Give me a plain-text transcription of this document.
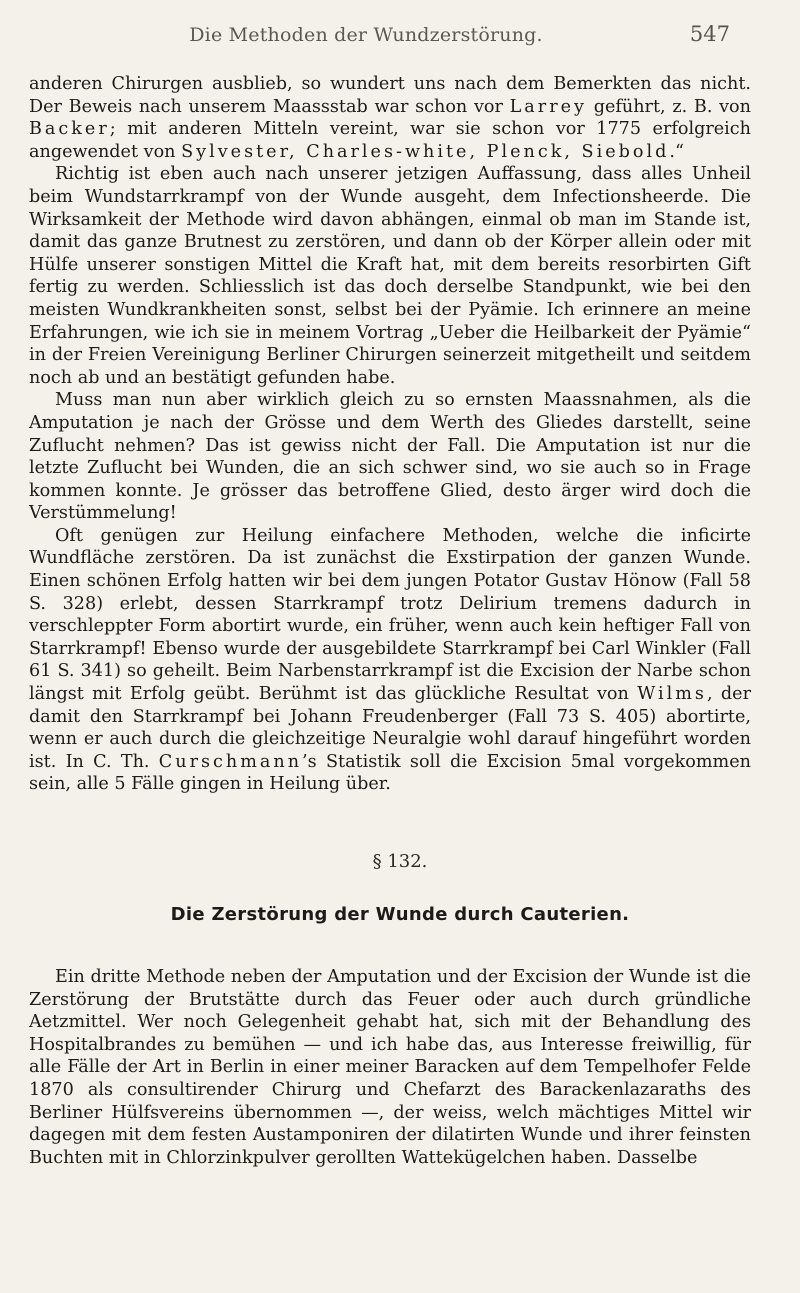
Die Methoden der Wundzerstörung.	547

anderen Chirurgen ausblieb, so wundert uns nach dem Bemerkten das nicht. Der Beweis nach unserem Maassstab war schon vor Larrey geführt, z. B. von Backer; mit anderen Mitteln vereint, war sie schon vor 1775 erfolgreich angewendet von Sylvester, Charles-white, Plenck, Siebold.“

Richtig ist eben auch nach unserer jetzigen Auffassung, dass alles Unheil beim Wundstarrkrampf von der Wunde ausgeht, dem Infectionsheerde. Die Wirksamkeit der Methode wird davon abhängen, einmal ob man im Stande ist, damit das ganze Brutnest zu zerstören, und dann ob der Körper allein oder mit Hülfe unserer sonstigen Mittel die Kraft hat, mit dem bereits resorbirten Gift fertig zu werden. Schliesslich ist das doch derselbe Standpunkt, wie bei den meisten Wundkrankheiten sonst, selbst bei der Pyämie. Ich erinnere an meine Erfahrungen, wie ich sie in meinem Vortrag „Ueber die Heilbarkeit der Pyämie“ in der Freien Vereinigung Berliner Chirurgen seinerzeit mitgetheilt und seitdem noch ab und an bestätigt gefunden habe.

Muss man nun aber wirklich gleich zu so ernsten Maassnahmen, als die Amputation je nach der Grösse und dem Werth des Gliedes darstellt, seine Zuflucht nehmen? Das ist gewiss nicht der Fall. Die Amputation ist nur die letzte Zuflucht bei Wunden, die an sich schwer sind, wo sie auch so in Frage kommen konnte. Je grösser das betroffene Glied, desto ärger wird doch die Verstümmelung!

Oft genügen zur Heilung einfachere Methoden, welche die inficirte Wundfläche zerstören. Da ist zunächst die Exstirpation der ganzen Wunde. Einen schönen Erfolg hatten wir bei dem jungen Potator Gustav Hönow (Fall 58 S. 328) erlebt, dessen Starrkrampf trotz Delirium tremens dadurch in verschleppter Form abortirt wurde, ein früher, wenn auch kein heftiger Fall von Starrkrampf! Ebenso wurde der ausgebildete Starrkrampf bei Carl Winkler (Fall 61 S. 341) so geheilt. Beim Narbenstarrkrampf ist die Excision der Narbe schon längst mit Erfolg geübt. Berühmt ist das glückliche Resultat von Wilms, der damit den Starrkrampf bei Johann Freudenberger (Fall 73 S. 405) abortirte, wenn er auch durch die gleichzeitige Neuralgie wohl darauf hingeführt worden ist. In C. Th. Curschmann’s Statistik soll die Excision 5mal vorgekommen sein, alle 5 Fälle gingen in Heilung über.

§ 132.
Die Zerstörung der Wunde durch Cauterien.

Ein dritte Methode neben der Amputation und der Excision der Wunde ist die Zerstörung der Brutstätte durch das Feuer oder auch durch gründliche Aetzmittel. Wer noch Gelegenheit gehabt hat, sich mit der Behandlung des Hospitalbrandes zu bemühen — und ich habe das, aus Interesse freiwillig, für alle Fälle der Art in Berlin in einer meiner Baracken auf dem Tempelhofer Felde 1870 als consultirender Chirurg und Chefarzt des Barackenlazaraths des Berliner Hülfsvereins übernommen —, der weiss, welch mächtiges Mittel wir dagegen mit dem festen Austamponiren der dilatirten Wunde und ihrer feinsten Buchten mit in Chlorzinkpulver gerollten Wattekügelchen haben. Dasselbe
